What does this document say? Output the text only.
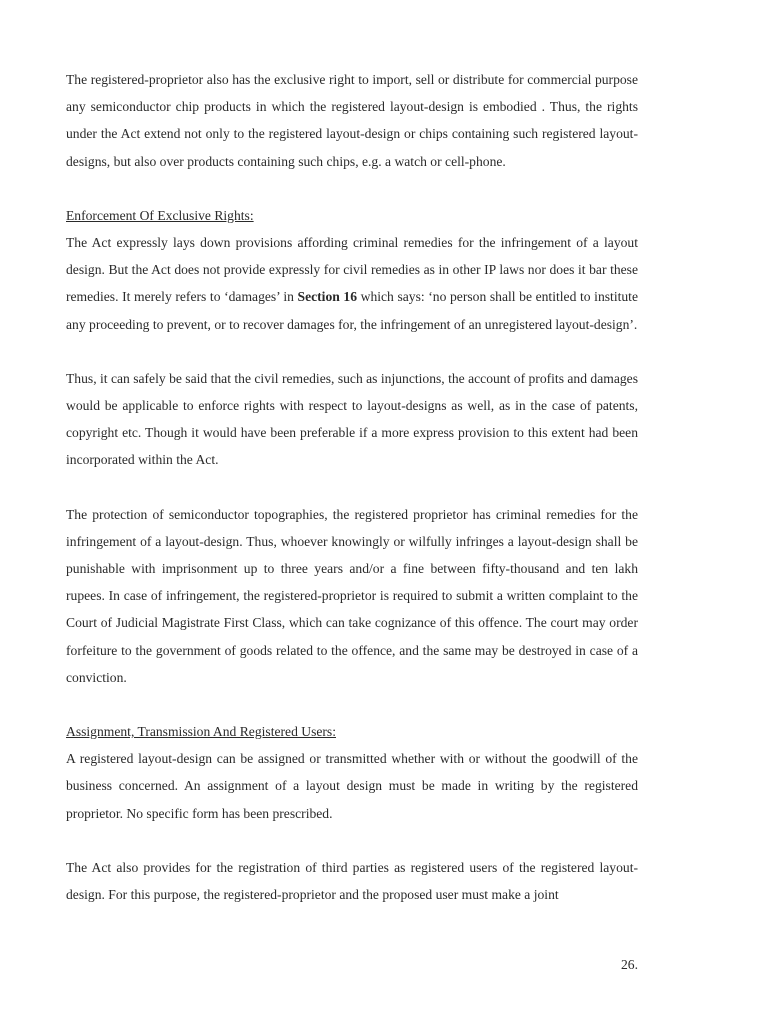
The registered-proprietor also has the exclusive right to import, sell or distribute for commercial purpose any semiconductor chip products in which the registered layout-design is embodied . Thus, the rights under the Act extend not only to the registered layout-design or chips containing such registered layout-designs, but also over products containing such chips, e.g. a watch or cell-phone.

Enforcement Of Exclusive Rights:

The Act expressly lays down provisions affording criminal remedies for the infringement of a layout design. But the Act does not provide expressly for civil remedies as in other IP laws nor does it bar these remedies. It merely refers to ‘damages’ in Section 16 which says: ‘no person shall be entitled to institute any proceeding to prevent, or to recover damages for, the infringement of an unregistered layout-design’.

Thus, it can safely be said that the civil remedies, such as injunctions, the account of profits and damages would be applicable to enforce rights with respect to layout-designs as well, as in the case of patents, copyright etc. Though it would have been preferable if a more express provision to this extent had been incorporated within the Act.

The protection of semiconductor topographies, the registered proprietor has criminal remedies for the infringement of a layout-design. Thus, whoever knowingly or wilfully infringes a layout-design shall be punishable with imprisonment up to three years and/or a fine between fifty-thousand and ten lakh rupees. In case of infringement, the registered-proprietor is required to submit a written complaint to the Court of Judicial Magistrate First Class, which can take cognizance of this offence. The court may order forfeiture to the government of goods related to the offence, and the same may be destroyed in case of a conviction.

Assignment, Transmission And Registered Users:

A registered layout-design can be assigned or transmitted whether with or without the goodwill of the business concerned. An assignment of a layout design must be made in writing by the registered proprietor. No specific form has been prescribed.

The Act also provides for the registration of third parties as registered users of the registered layout-design. For this purpose, the registered-proprietor and the proposed user must make a joint

26.
